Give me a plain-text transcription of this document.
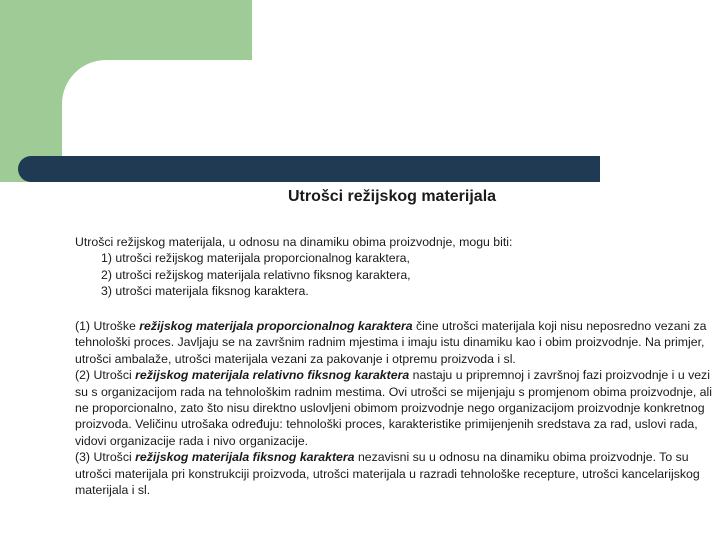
Utrošci režijskog materijala
Utrošci režijskog materijala, u odnosu na dinamiku obima proizvodnje, mogu biti:
1) utrošci režijskog materijala proporcionalnog karaktera,
2) utrošci režijskog materijala relativno fiksnog karaktera,
3) utrošci materijala fiksnog karaktera.

(1) Utroške režijskog materijala proporcionalnog karaktera čine utrošci materijala koji nisu neposredno vezani za tehnološki proces. Javljaju se na završnim radnim mjestima i imaju istu dinamiku kao i obim proizvodnje. Na primjer, utrošci ambalaže, utrošci materijala vezani za pakovanje i otpremu proizvoda i sl.

(2) Utrošci režijskog materijala relativno fiksnog karaktera nastaju u pripremnoj i završnoj fazi proizvodnje i u vezi su s organizacijom rada na tehnološkim radnim mestima. Ovi utrošci se mijenjaju s promjenom obima proizvodnje, ali ne proporcionalno, zato što nisu direktno uslovljeni obimom proizvodnje nego organizacijom proizvodnje konkretnog proizvoda. Veličinu utrošaka određuju: tehnološki proces, karakteristike primijenjenih sredstava za rad, uslovi rada, vidovi organizacije rada i nivo organizacije.

(3) Utrošci režijskog materijala fiksnog karaktera nezavisni su u odnosu na dinamiku obima proizvodnje. To su utrošci materijala pri konstrukciji proizvoda, utrošci materijala u razradi tehnološke recepture, utrošci kancelarijskog materijala i sl.
